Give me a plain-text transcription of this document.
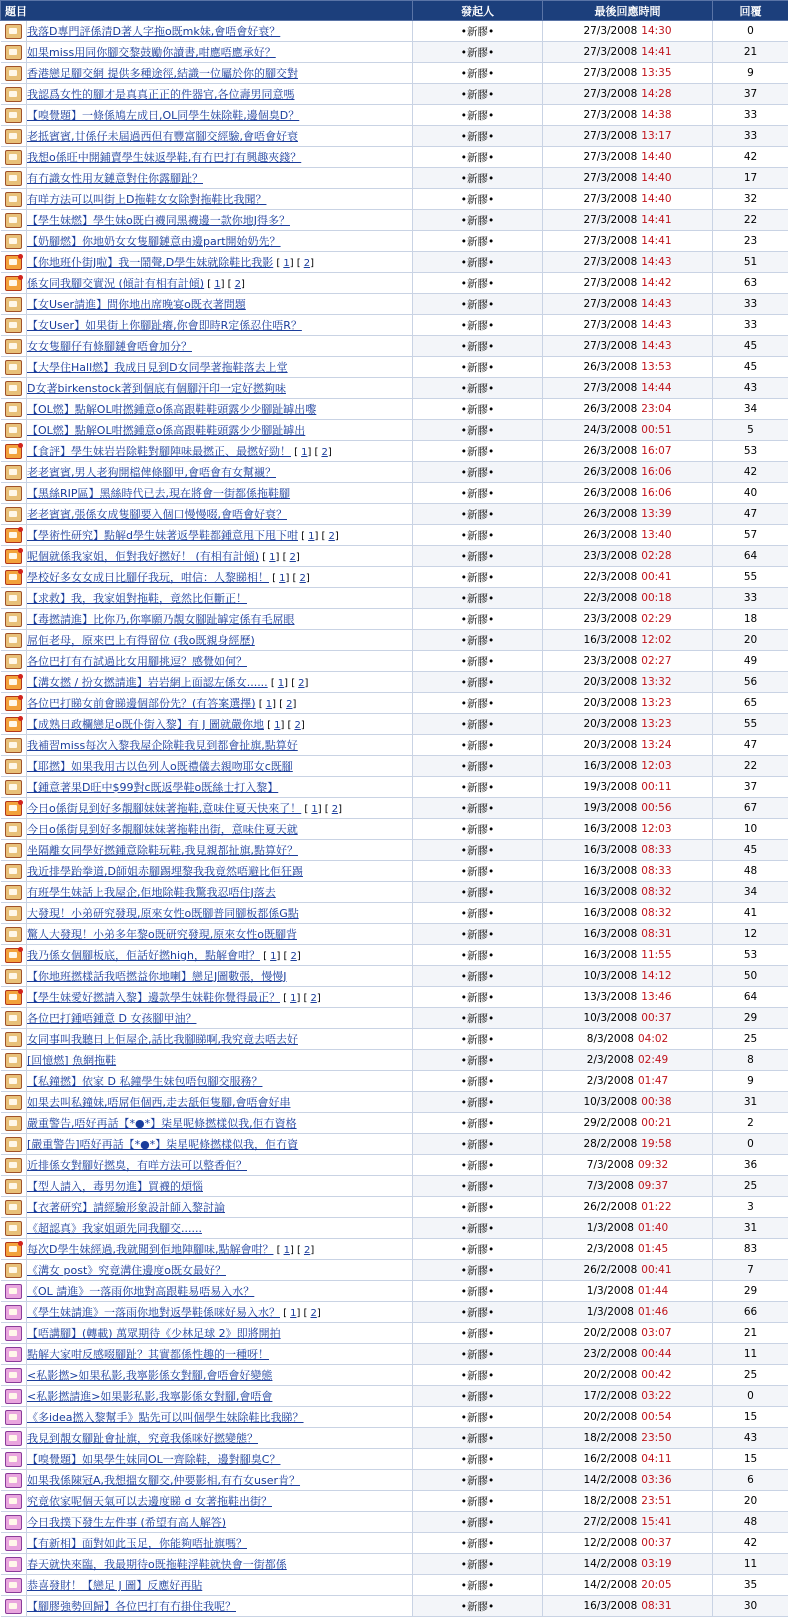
題目		發起人	最後回應時間	回覆
	我落D專門評係清D著人字拖o既mk妹,會唔會好衰？	•新膠•	27/3/2008 14:30	0
	如果miss用同你腳交黎鼓勵你讀書,咁應唔應承好？	•新膠•	27/3/2008 14:41	21
	香港戀足腳交網 提供多種途徑,結識一位屬於你的腳交對	•新膠•	27/3/2008 13:35	9
	我認爲女性的腳才是真真正正的件器官,各位壽男同意嗎	•新膠•	27/3/2008 14:28	37
	【嗅覺題】一條係鳩左成日,OL同學生妹除鞋,邊個臭D？	•新膠•	27/3/2008 14:38	33
	老抵賓賓,廿係仔未屆過西但有豐富腳交經驗,會唔會好衰	•新膠•	27/3/2008 13:17	33
	我想o係旺中開鋪賣學生妹返學鞋,有冇巴打有興趣夾錢？	•新膠•	27/3/2008 14:40	42
	有冇識女性用友鏈意對住你露腳趾？	•新膠•	27/3/2008 14:40	17
	有咩方法可以叫街上D拖鞋女女除對拖鞋比我聞？	•新膠•	27/3/2008 14:40	32
	【學生妹燃】學生妹o既白襪同黑襪邊一款你地J得多？	•新膠•	27/3/2008 14:41	22
	【奶腳燃】你地奶女女隻腳鏈意由邊part開始奶先？	•新膠•	27/3/2008 14:41	23
	【你地班仆街J啦】我一鬧聲,D學生妹就除鞋比我影 [ 1] [ 2]	•新膠•	27/3/2008 14:43	51
	係女同我腳交實況 (傾計有相有計傾) [ 1] [ 2]	•新膠•	27/3/2008 14:42	63
	【女User請進】問你地出席晚宴o既衣著問題	•新膠•	27/3/2008 14:43	33
	【女User】如果街上你腳趾癢,你會即時R定係忍住唔R？	•新膠•	27/3/2008 14:43	33
	女女隻腳仔有條腳鏈會唔會加分？	•新膠•	27/3/2008 14:43	45
	【大學住Hall燃】我成日見到D女同學著拖鞋落去上堂	•新膠•	26/3/2008 13:53	45
	D女著birkenstock著到個底有個腳汗印一定好撚夠味	•新膠•	27/3/2008 14:44	43
	【OL燃】點解OL咁撚鍾意o係高跟鞋鞋頭露少少腳趾罅出嚟	•新膠•	26/3/2008 23:04	34
	【OL燃】點解OL咁撚鍾意o係高跟鞋鞋頭露少少腳趾罅出	•新膠•	24/3/2008 00:51	5
	【食評】學生妹岩岩除鞋對腳陣味最撚正、最撚好勁！ [ 1] [ 2]	•新膠•	26/3/2008 16:07	53
	老老賓賓,男人老狗開檔俾條腳甲,會唔會有女幫襯？	•新膠•	26/3/2008 16:06	42
	【黑絲RIP區】黑絲時代已去,現在將會一街都係拖鞋腳	•新膠•	26/3/2008 16:06	40
	老老賓賓,張係女成隻腳要入個口慢慢啜,會唔會好衰？	•新膠•	26/3/2008 13:39	47
	【學術性研究】點解d學生妹著返學鞋都鍾意甩下甩下咁 [ 1] [ 2]	•新膠•	26/3/2008 13:40	57
	呢個就係我家姐，佢對我好撚好！ (有相有計傾) [ 1] [ 2]	•新膠•	23/3/2008 02:28	64
	學校好多女女成日比腳仔我玩，咁信：人黎睇相！ [ 1] [ 2]	•新膠•	22/3/2008 00:41	55
	【求救】我，我家姐對拖鞋，竟然比佢斷正！	•新膠•	22/3/2008 00:18	33
	【毒撚請進】比你乃,你寧願乃靚女腳趾罅定係有毛屌眼	•新膠•	23/3/2008 02:29	18
	屌佢老母，原來巴上有得留位 (我o既親身經歷)	•新膠•	16/3/2008 12:02	20
	各位巴打有冇試過比女用腳挑逗？感覺如何？	•新膠•	23/3/2008 02:27	49
	【溝女撚 / 扮女撚請進】岩岩網上面認左係女...... [ 1] [ 2]	•新膠•	20/3/2008 13:32	56
	各位巴打睇女前會睇邊個部份先？(有答案選擇) [ 1] [ 2]	•新膠•	20/3/2008 13:23	65
	【成熟日政欄戀足o既仆街入黎】有 J 圖就嚴你地 [ 1] [ 2]	•新膠•	20/3/2008 13:23	55
	我補習miss每次入黎我屋企除鞋我見到都會扯旗,點算好	•新膠•	20/3/2008 13:24	47
	【耶撚】如果我用古以色列人o既禮儀去親吻耶女c既腳	•新膠•	16/3/2008 12:03	22
	【鍾意著果D旺中$99對c既返學鞋o既絲士打入黎】	•新膠•	19/3/2008 00:11	37
	今日o係街見到好多靚腳妹妹著拖鞋,意味住夏天快來了！ [ 1] [ 2]	•新膠•	19/3/2008 00:56	67
	今日o係街見到好多靚腳妹妹著拖鞋出街，意味住夏天就	•新膠•	16/3/2008 12:03	10
	坐隔離女同學好撚鍾意除鞋玩鞋,我見親都扯旗,點算好？	•新膠•	16/3/2008 08:33	45
	我近排學跆拳道,D師姐赤腳踢埋黎我我竟然唔避比佢狂踢	•新膠•	16/3/2008 08:33	48
	有班學生妹話上我屋企,佢地除鞋我驚我忍唔住J落去	•新膠•	16/3/2008 08:32	34
	大發現！小弟研究發現,原來女性o既腳普同腳板都係G點	•新膠•	16/3/2008 08:32	41
	驚人大發現！小弟多年黎o既研究發現,原來女性o既腳背	•新膠•	16/3/2008 08:31	12
	我乃係女個腳板底，佢話好撚high，點解會咁？ [ 1] [ 2]	•新膠•	16/3/2008 11:55	53
	【你地班撚樣話我唔撚益你地喇】戀足J圖數張，慢慢J	•新膠•	10/3/2008 14:12	50
	【學生妹愛好撚請入黎】邊款學生妹鞋你覺得最正？ [ 1] [ 2]	•新膠•	13/3/2008 13:46	64
	各位巴打鍾唔鍾意 D 女孩腳甲油？	•新膠•	10/3/2008 00:37	29
	女同事叫我聽日上佢屋企,話比我腳睇啊,我究竟去唔去好	•新膠•	8/3/2008 04:02	25
	[回憶燃] 魚網拖鞋	•新膠•	2/3/2008 02:49	8
	【私鐘撚】依家 D 私鐘學生妹包唔包腳交服務？	•新膠•	2/3/2008 01:47	9
	如果去叫私鐘妹,唔屌佢個西,走去舐佢隻腳,會唔會好串	•新膠•	10/3/2008 00:38	31
	嚴重警告,唔好再話【*●*】柒星呢條撚樣似我,佢冇資格	•新膠•	29/2/2008 00:21	2
	[嚴重警告]唔好再話【*●*】柒星呢條撚樣似我，佢冇資	•新膠•	28/2/2008 19:58	0
	近排係女對腳好撚臭，有咩方法可以整香佢？	•新膠•	7/3/2008 09:32	36
	【型人請入，毒男勿進】買襪的煩惱	•新膠•	7/3/2008 09:37	25
	【衣著研究】請經驗形象設計師入黎討論	•新膠•	26/2/2008 01:22	3
	《超認真》我家姐頭先同我腳交......	•新膠•	1/3/2008 01:40	31
	每次D學生妹經過,我就聞到佢地陣腳味,點解會咁？ [ 1] [ 2]	•新膠•	2/3/2008 01:45	83
	《溝女 post》究竟溝住邊度o既女最好？	•新膠•	26/2/2008 00:41	7
	《OL 請進》一落雨你地對高跟鞋易唔易入水？	•新膠•	1/3/2008 01:44	29
	《學生妹請進》一落雨你地對返學鞋係咪好易入水？ [ 1] [ 2]	•新膠•	1/3/2008 01:46	66
	【唔講腳】(轉載) 萬眾期待《少林足球 2》即將開拍	•新膠•	20/2/2008 03:07	21
	點解大家咁反感啜腳趾？其實都係性趣的一種呀！	•新膠•	23/2/2008 00:44	11
	<私影撚>如果私影,我寧影係女對腳,會唔會好變態	•新膠•	20/2/2008 00:42	25
	<私影撚請進>如果影私影,我寧影係女對腳,會唔會	•新膠•	17/2/2008 03:22	0
	《多idea撚入黎幫手》點先可以叫個學生妹除鞋比我睇？	•新膠•	20/2/2008 00:54	15
	我見到靚女腳趾會扯旗，究竟我係咪好撚變態？	•新膠•	18/2/2008 23:50	43
	【嗅覺題】如果學生妹同OL一齊除鞋，邊對腳臭C？	•新膠•	16/2/2008 04:11	15
	如果我係陳冠A,我想搵女腳交,仲要影相,有冇女user肯？	•新膠•	14/2/2008 03:36	6
	究竟依家呢個天氣可以去邊度睇 d 女著拖鞋出街？	•新膠•	18/2/2008 23:51	20
	今日我撲下發生左件事 (希望有高人解答)	•新膠•	27/2/2008 15:41	48
	【有新相】面對如此玉足，你能夠唔扯旗嗎？	•新膠•	12/2/2008 00:37	42
	春天就快來臨，我最期待o既拖鞋浮鞋就快會一街都係	•新膠•	14/2/2008 03:19	11
	恭喜發財！【戀足 J 圖】反應好再貼	•新膠•	14/2/2008 20:05	35
	【腳膠強勢回歸】各位巴打有冇掛住我呢？	•新膠•	16/3/2008 08:31	30
